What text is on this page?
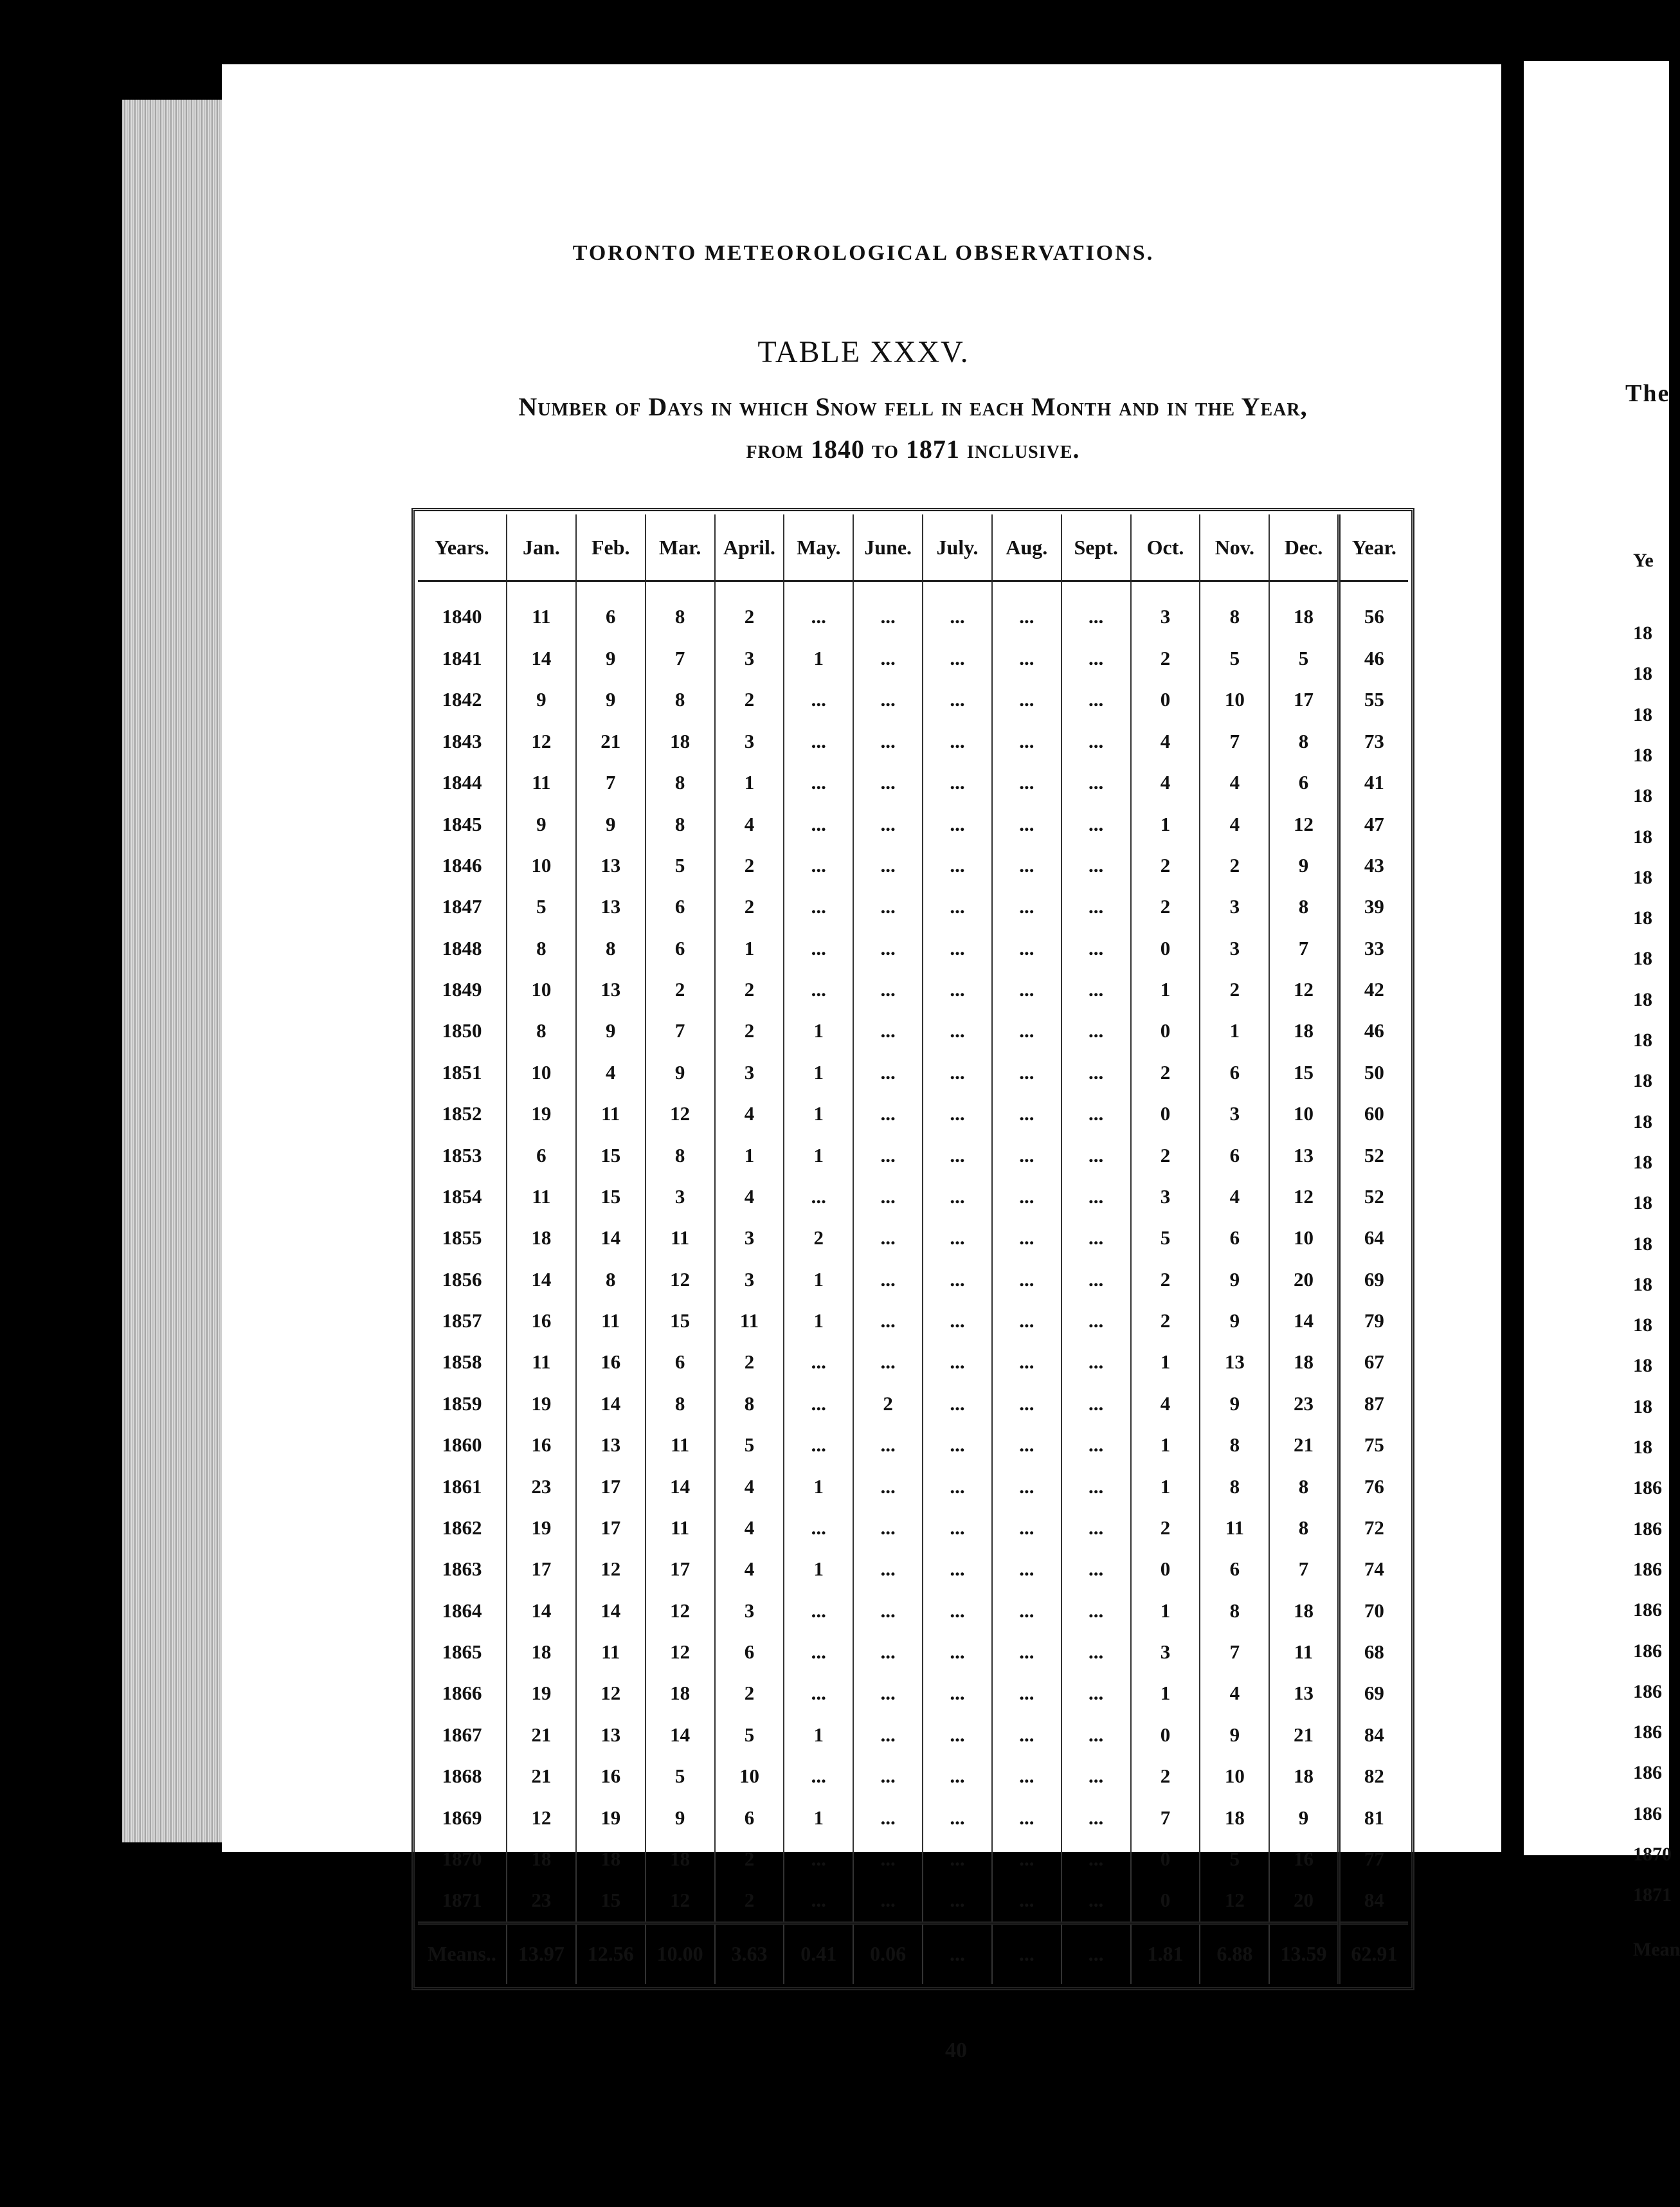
The
Ye
18
18
18
18
18
18
18
18
18
18
18
18
18
18
18
18
18
18
18
18
18
186
186
186
186
186
186
186
186
186
1870
1871
Mean
TORONTO METEOROLOGICAL OBSERVATIONS.
TABLE XXXV.
Number of Days in which Snow fell in each Month and in the Year,
from 1840 to 1871 inclusive.
Years.	Jan.	Feb.	Mar.	April.	May.	June.	July.	Aug.	Sept.	Oct.	Nov.	Dec.	Year.
1840	11	6	8	2	...	...	...	...	...	3	8	18	56
1841	14	9	7	3	1	...	...	...	...	2	5	5	46
1842	9	9	8	2	...	...	...	...	...	0	10	17	55
1843	12	21	18	3	...	...	...	...	...	4	7	8	73
1844	11	7	8	1	...	...	...	...	...	4	4	6	41
1845	9	9	8	4	...	...	...	...	...	1	4	12	47
1846	10	13	5	2	...	...	...	...	...	2	2	9	43
1847	5	13	6	2	...	...	...	...	...	2	3	8	39
1848	8	8	6	1	...	...	...	...	...	0	3	7	33
1849	10	13	2	2	...	...	...	...	...	1	2	12	42
1850	8	9	7	2	1	...	...	...	...	0	1	18	46
1851	10	4	9	3	1	...	...	...	...	2	6	15	50
1852	19	11	12	4	1	...	...	...	...	0	3	10	60
1853	6	15	8	1	1	...	...	...	...	2	6	13	52
1854	11	15	3	4	...	...	...	...	...	3	4	12	52
1855	18	14	11	3	2	...	...	...	...	5	6	10	64
1856	14	8	12	3	1	...	...	...	...	2	9	20	69
1857	16	11	15	11	1	...	...	...	...	2	9	14	79
1858	11	16	6	2	...	...	...	...	...	1	13	18	67
1859	19	14	8	8	...	2	...	...	...	4	9	23	87
1860	16	13	11	5	...	...	...	...	...	1	8	21	75
1861	23	17	14	4	1	...	...	...	...	1	8	8	76
1862	19	17	11	4	...	...	...	...	...	2	11	8	72
1863	17	12	17	4	1	...	...	...	...	0	6	7	74
1864	14	14	12	3	...	...	...	...	...	1	8	18	70
1865	18	11	12	6	...	...	...	...	...	3	7	11	68
1866	19	12	18	2	...	...	...	...	...	1	4	13	69
1867	21	13	14	5	1	...	...	...	...	0	9	21	84
1868	21	16	5	10	...	...	...	...	...	2	10	18	82
1869	12	19	9	6	1	...	...	...	...	7	18	9	81
1870	18	18	18	2	...	...	...	...	...	0	5	16	77
1871	23	15	12	2	...	...	...	...	...	0	12	20	84
Means..	13.97	12.56	10.00	3.63	0.41	0.06	...	...	...	1.81	6.88	13.59	62.91
40
